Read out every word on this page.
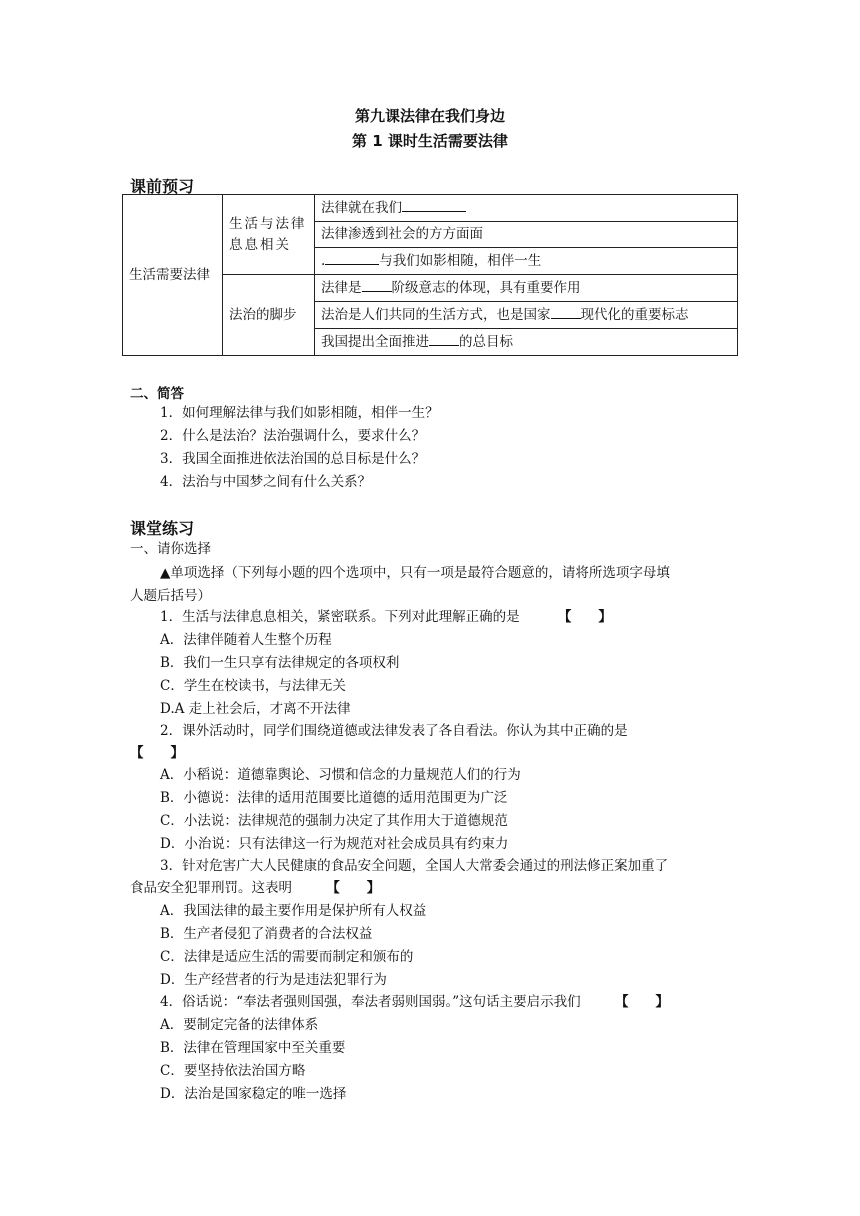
第九课法律在我们身边
第 1 课时生活需要法律
课前预习
生活需要法律	生活与法律息息相关	法律就在我们
		法律渗透到社会的方方面面
		. 与我们如影相随，相伴一生
	法治的脚步	法律是 阶级意志的体现，具有重要作用
		法治是人们共同的生活方式，也是国家 现代化的重要标志
		我国提出全面推进 的总目标
二、简答
1．如何理解法律与我们如影相随，相伴一生？
2．什么是法治？法治强调什么，要求什么？
3．我国全面推进依法治国的总目标是什么？
4．法治与中国梦之间有什么关系？
课堂练习
一、请你选择
▲单项选择（下列每小题的四个选项中，只有一项是最符合题意的，请将所选项字母填
人题后括号）
1．生活与法律息息相关，紧密联系。下列对此理解正确的是	【　　】
A．法律伴随着人生整个历程
B．我们一生只享有法律规定的各项权利
C．学生在校读书，与法律无关
D.A 走上社会后，才离不开法律
2．课外活动时，同学们围绕道德或法律发表了各自看法。你认为其中正确的是
【　　】
A．小稻说：道德靠舆论、习惯和信念的力量规范人们的行为
B．小德说：法律的适用范围要比道德的适用范围更为广泛
C．小法说：法律规范的强制力决定了其作用大于道德规范
D．小治说：只有法律这一行为规范对社会成员具有约束力
3．针对危害广大人民健康的食品安全问题，全国人大常委会通过的刑法修正案加重了
食品安全犯罪刑罚。这表明	【　　】
A．我国法律的最主要作用是保护所有人权益
B．生产者侵犯了消费者的合法权益
C．法律是适应生活的需要而制定和颁布的
D．生产经营者的行为是违法犯罪行为
4．俗话说：“奉法者强则国强，奉法者弱则国弱。”这句话主要启示我们	【　　】
A．要制定完备的法律体系
B．法律在管理国家中至关重要
C．要坚持依法治国方略
D．法治是国家稳定的唯一选择
